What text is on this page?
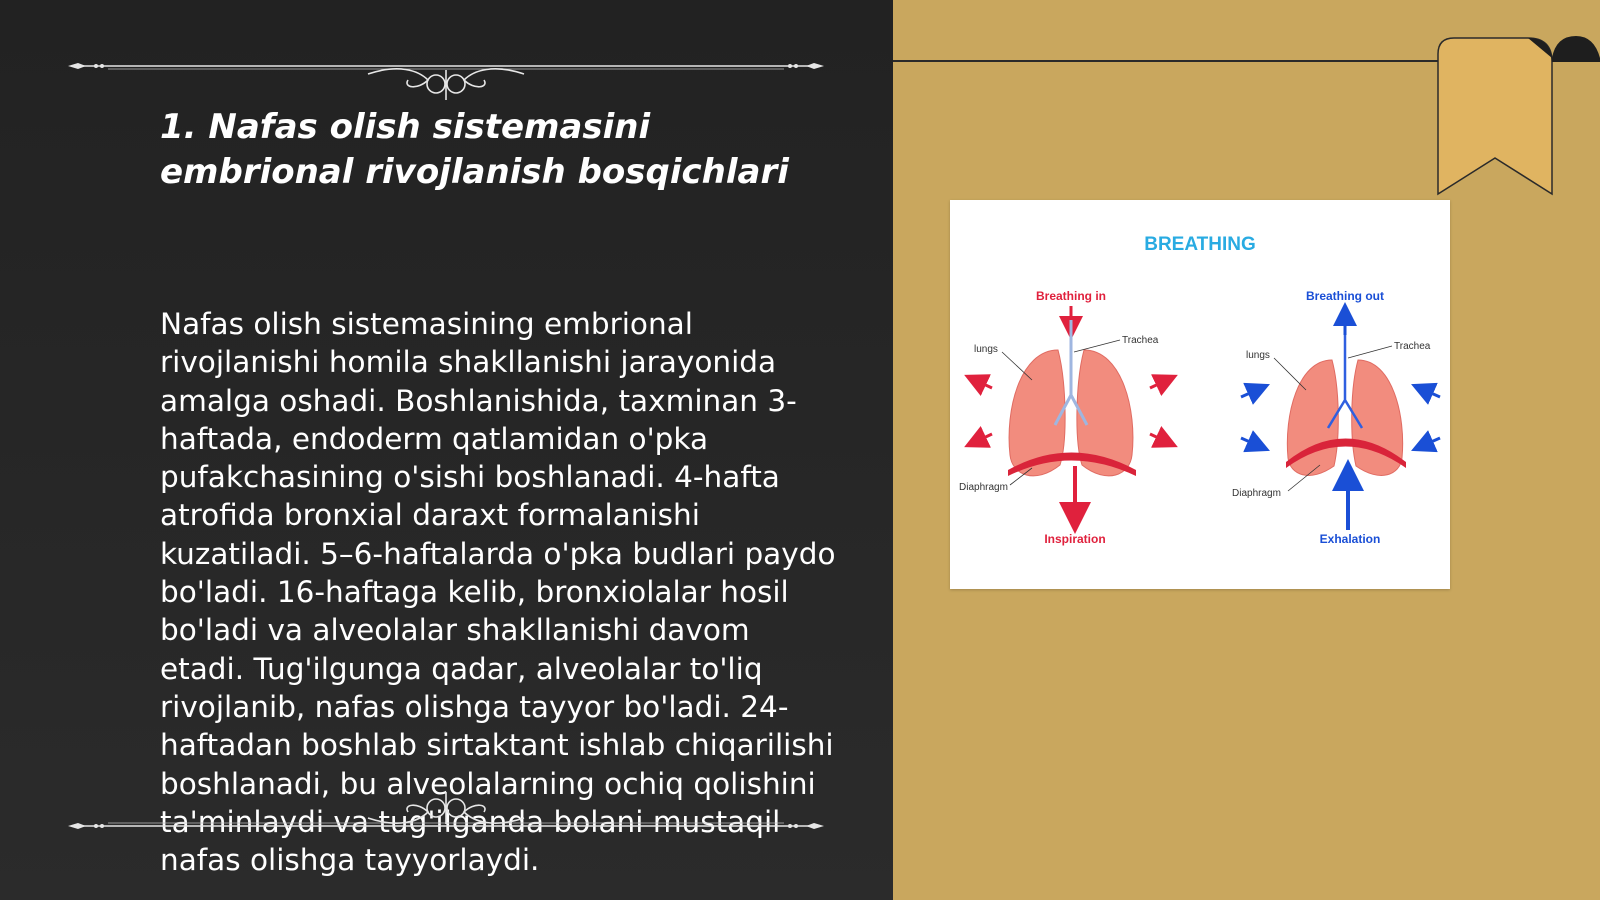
1. Nafas olish sistemasini embrional rivojlanish bosqichlari

Nafas olish sistemasining embrional rivojlanishi homila shakllanishi jarayonida amalga oshadi. Boshlanishida, taxminan 3-haftada, endoderm qatlamidan o'pka pufakchasining o'sishi boshlanadi. 4-hafta atrofida bronxial daraxt formalanishi kuzatiladi. 5–6-haftalarda o'pka budlari paydo bo'ladi. 16-haftaga kelib, bronxiolalar hosil bo'ladi va alveolalar shakllanishi davom etadi. Tug'ilgunga qadar, alveolalar to'liq rivojlanib, nafas olishga tayyor bo'ladi. 24-haftadan boshlab sirtaktant ishlab chiqarilishi boshlanadi, bu alveolalarning ochiq qolishini ta'minlaydi va tug'ilganda bolani mustaqil nafas olishga tayyorlaydi.

BREATHING
Breathing in
lungs
Trachea
Diaphragm
Inspiration
Breathing out
lungs
Trachea
Diaphragm
Exhalation
